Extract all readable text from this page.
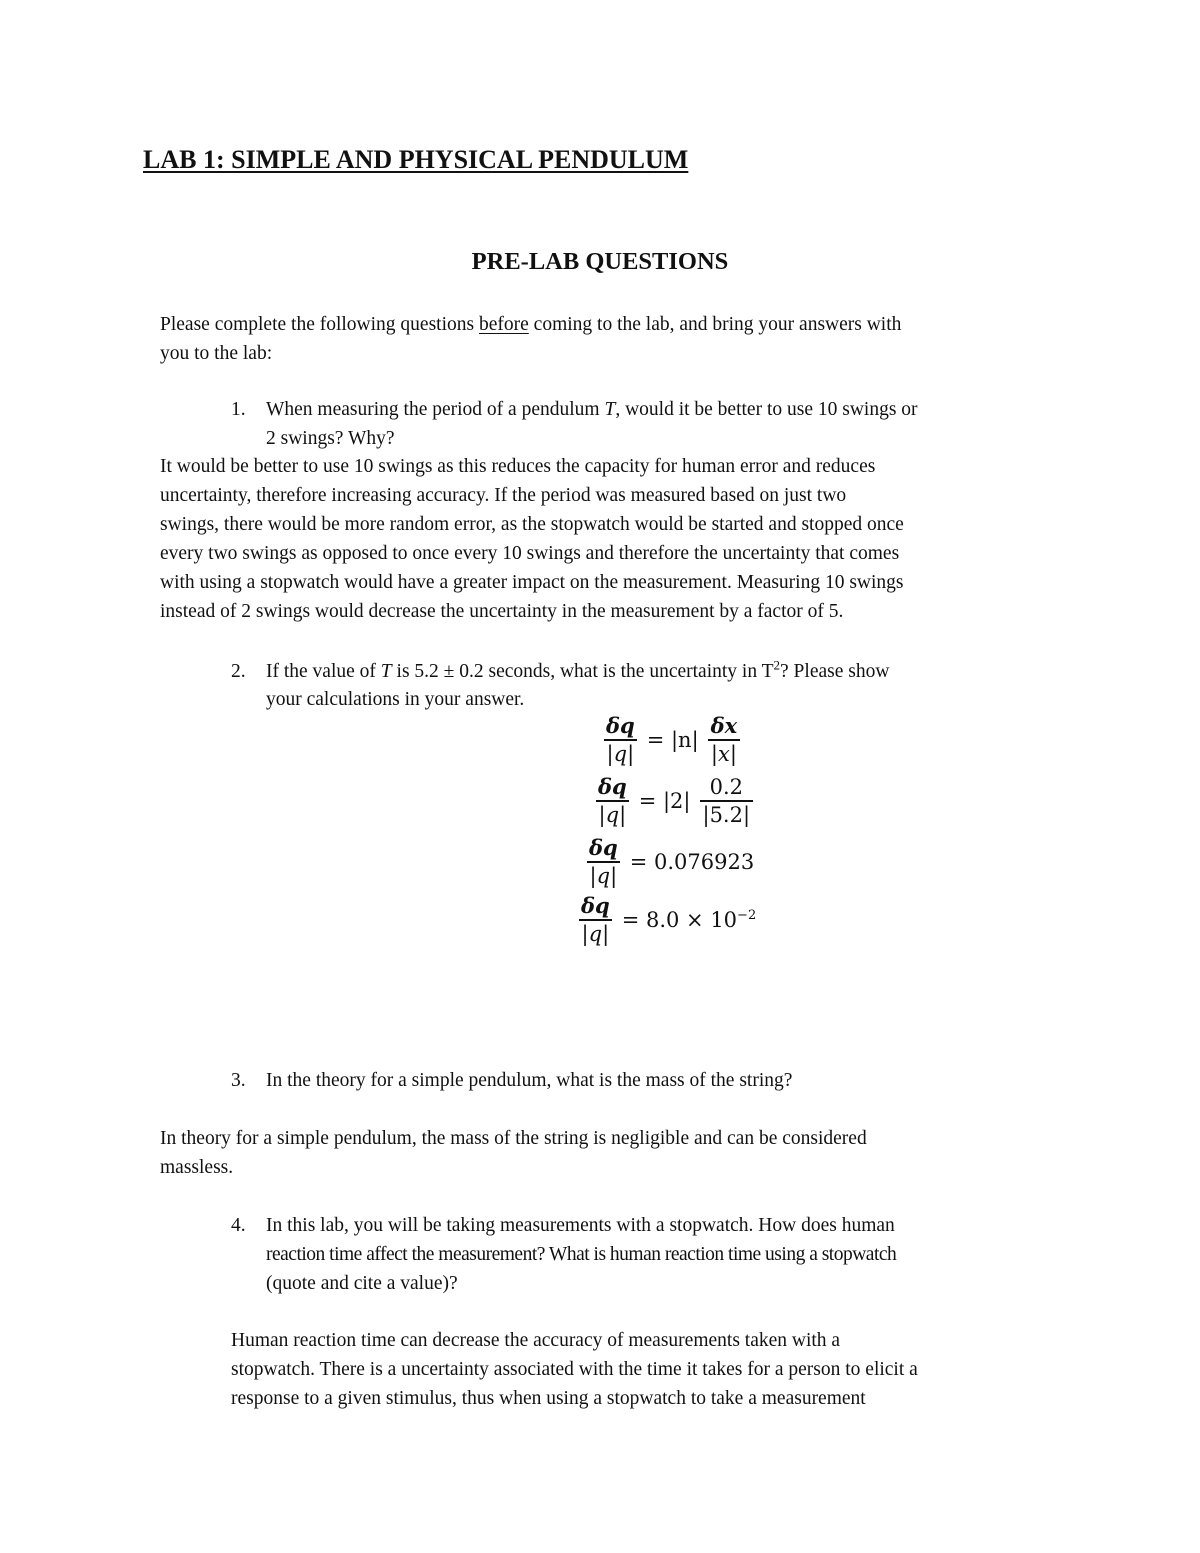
LAB 1: SIMPLE AND PHYSICAL PENDULUM
PRE-LAB QUESTIONS
Please complete the following questions before coming to the lab, and bring your answers with
you to the lab:
1. When measuring the period of a pendulum T, would it be better to use 10 swings or
2 swings? Why?
It would be better to use 10 swings as this reduces the capacity for human error and reduces
uncertainty, therefore increasing accuracy. If the period was measured based on just two
swings, there would be more random error, as the stopwatch would be started and stopped once
every two swings as opposed to once every 10 swings and therefore the uncertainty that comes
with using a stopwatch would have a greater impact on the measurement. Measuring 10 swings
instead of 2 swings would decrease the uncertainty in the measurement by a factor of 5.
2. If the value of T is 5.2 ± 0.2 seconds, what is the uncertainty in $T^2$? Please show
your calculations in your answer.
$\frac{\delta q}{|q|} = |n| \frac{\delta x}{|x|}$
$\frac{\delta q}{|q|} = |2| \frac{0.2}{|5.2|}$
$\frac{\delta q}{|q|} = 0.076923$
$\frac{\delta q}{|q|} = 8.0 \times 10^{-2}$
3. In the theory for a simple pendulum, what is the mass of the string?
In theory for a simple pendulum, the mass of the string is negligible and can be considered
massless.
4. In this lab, you will be taking measurements with a stopwatch. How does human
reaction time affect the measurement? What is human reaction time using a stopwatch
(quote and cite a value)?
Human reaction time can decrease the accuracy of measurements taken with a
stopwatch. There is a uncertainty associated with the time it takes for a person to elicit a
response to a given stimulus, thus when using a stopwatch to take a measurement
